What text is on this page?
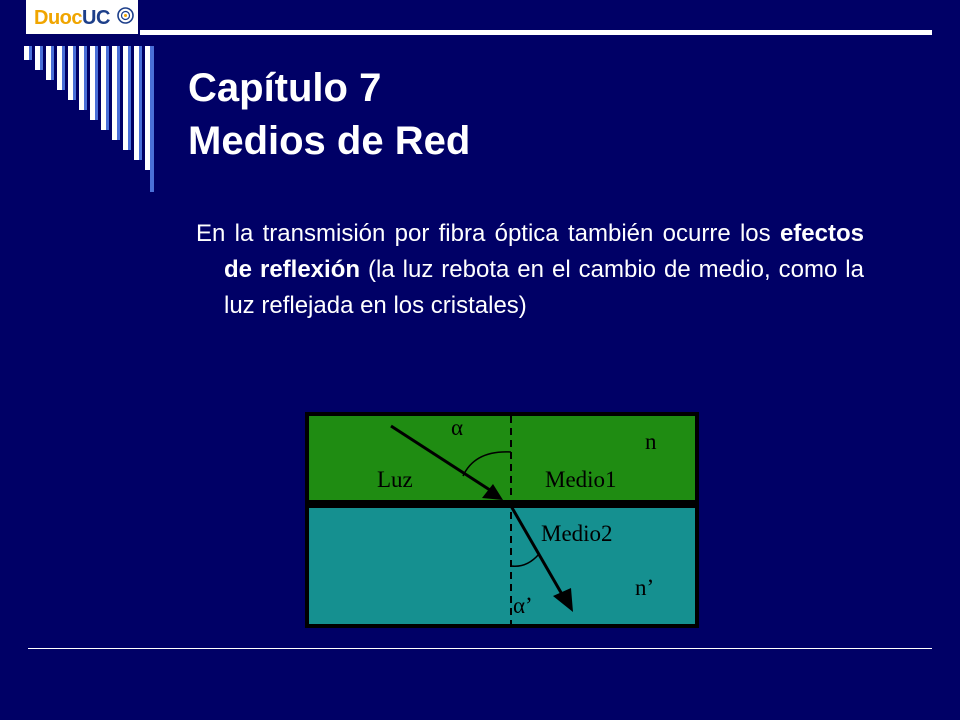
DuocUC
Capítulo 7
Medios de Red
En la transmisión por fibra óptica también ocurre los efectos de reflexión (la luz rebota en el cambio de medio, como la luz reflejada en los cristales)
α
n
Luz	Medio1
Medio2
n’
α’
